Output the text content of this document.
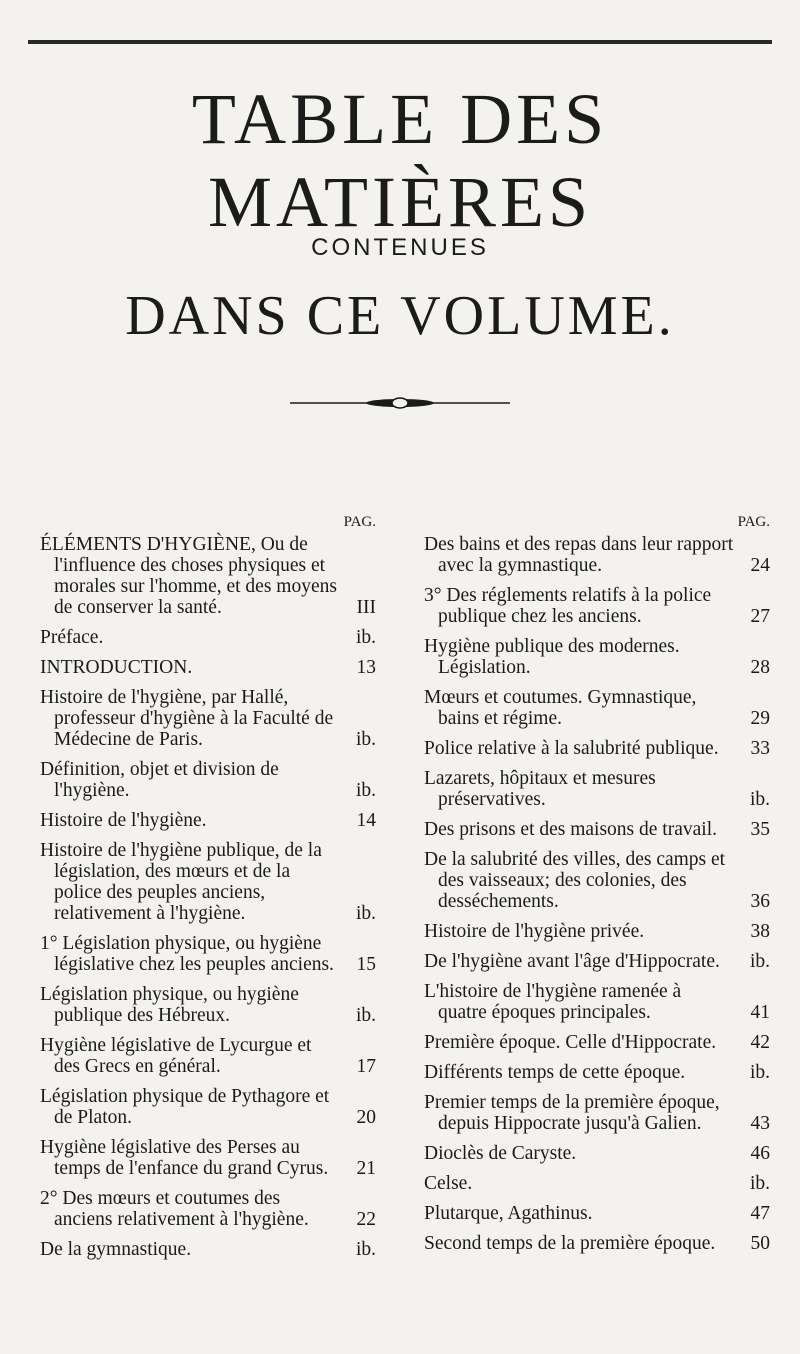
TABLE DES MATIÈRES
CONTENUES
DANS CE VOLUME.
PAG.
ÉLÉMENTS D'HYGIÈNE, Ou de l'influence des choses physiques et morales sur l'homme, et des moyens de conserver la santé.	III
Préface.	ib.
INTRODUCTION.	13
Histoire de l'hygiène, par Hallé, professeur d'hygiène à la Faculté de Médecine de Paris.	ib.
Définition, objet et division de l'hygiène.	ib.
Histoire de l'hygiène.	14
Histoire de l'hygiène publique, de la législation, des mœurs et de la police des peuples anciens, relativement à l'hygiène.	ib.
1° Législation physique, ou hygiène législative chez les peuples anciens.	15
Législation physique, ou hygiène publique des Hébreux.	ib.
Hygiène législative de Lycurgue et des Grecs en général.	17
Législation physique de Pythagore et de Platon.	20
Hygiène législative des Perses au temps de l'enfance du grand Cyrus.	21
2° Des mœurs et coutumes des anciens relativement à l'hygiène.	22
De la gymnastique.	ib.
PAG.
Des bains et des repas dans leur rapport avec la gymnastique.	24
3° Des réglements relatifs à la police publique chez les anciens.	27
Hygiène publique des modernes. Législation.	28
Mœurs et coutumes. Gymnastique, bains et régime.	29
Police relative à la salubrité publique.	33
Lazarets, hôpitaux et mesures préservatives.	ib.
Des prisons et des maisons de travail.	35
De la salubrité des villes, des camps et des vaisseaux; des colonies, des desséchements.	36
Histoire de l'hygiène privée.	38
De l'hygiène avant l'âge d'Hippocrate.	ib.
L'histoire de l'hygiène ramenée à quatre époques principales.	41
Première époque. Celle d'Hippocrate.	42
Différents temps de cette époque.	ib.
Premier temps de la première époque, depuis Hippocrate jusqu'à Galien.	43
Dioclès de Caryste.	46
Celse.	ib.
Plutarque, Agathinus.	47
Second temps de la première époque.	50
